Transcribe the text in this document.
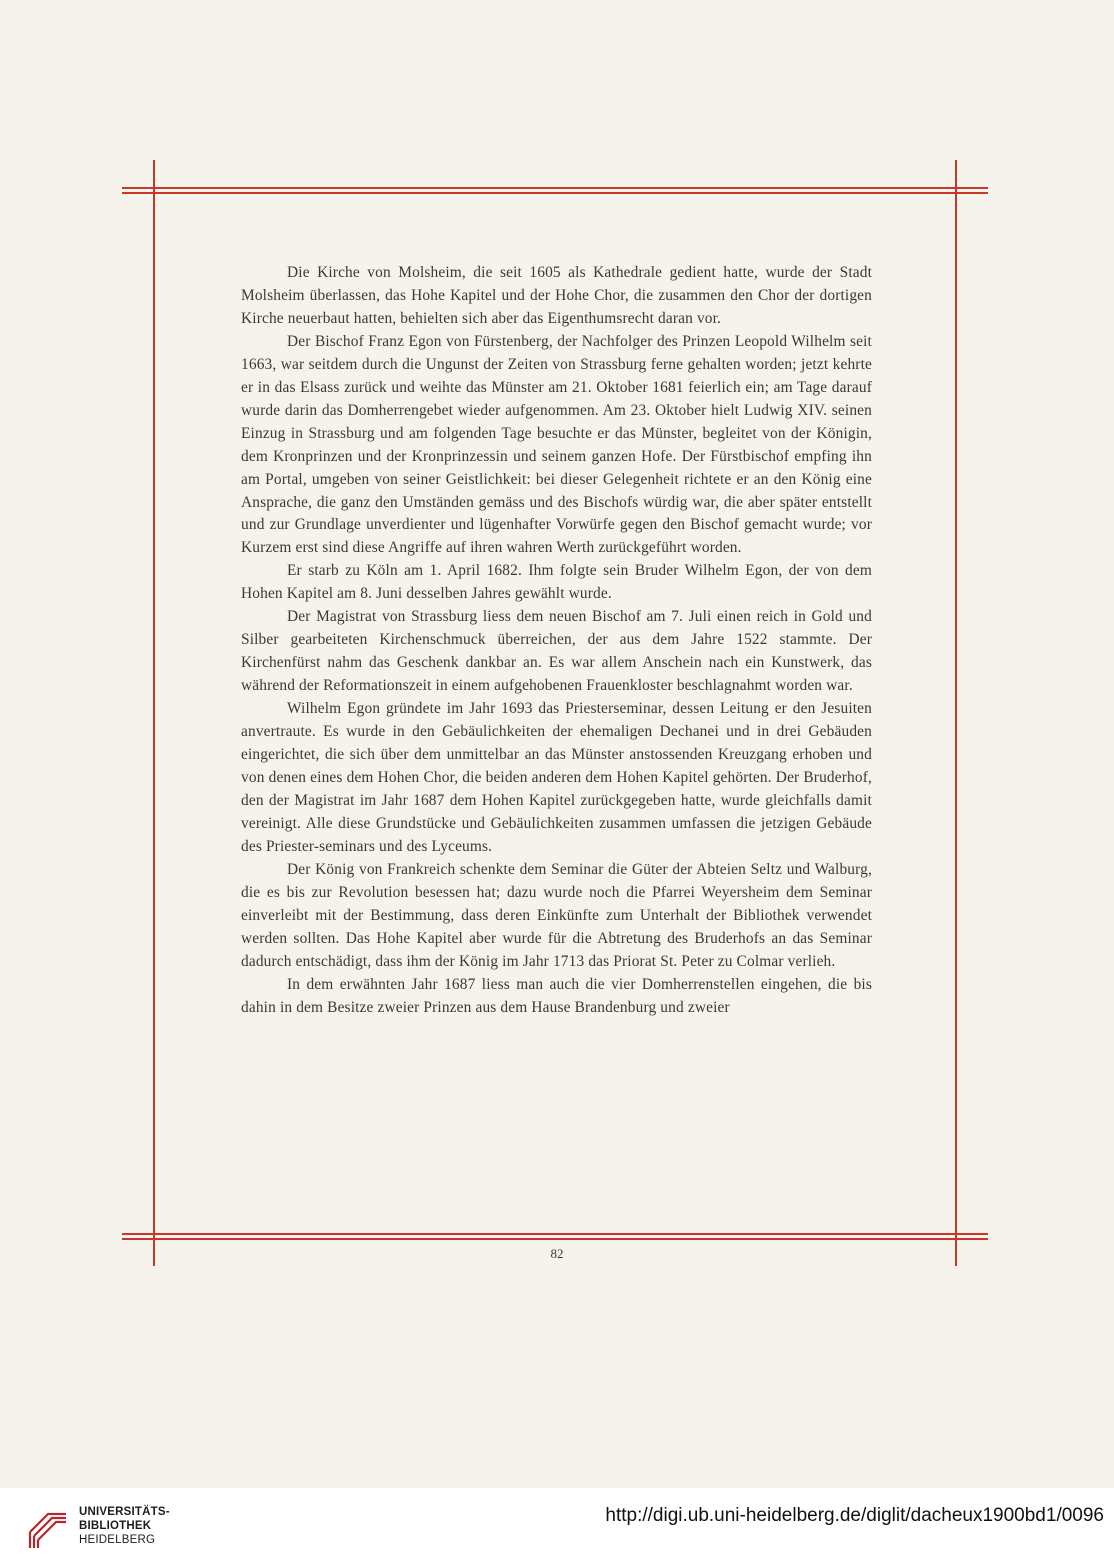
Die Kirche von Molsheim, die seit 1605 als Kathedrale gedient hatte, wurde der Stadt Molsheim überlassen, das Hohe Kapitel und der Hohe Chor, die zusammen den Chor der dortigen Kirche neuerbaut hatten, behielten sich aber das Eigenthumsrecht daran vor.

Der Bischof Franz Egon von Fürstenberg, der Nachfolger des Prinzen Leopold Wilhelm seit 1663, war seitdem durch die Ungunst der Zeiten von Strassburg ferne gehalten worden; jetzt kehrte er in das Elsass zurück und weihte das Münster am 21. Oktober 1681 feierlich ein; am Tage darauf wurde darin das Domherrengebet wieder aufgenommen. Am 23. Oktober hielt Ludwig XIV. seinen Einzug in Strassburg und am folgenden Tage besuchte er das Münster, begleitet von der Königin, dem Kronprinzen und der Kronprinzessin und seinem ganzen Hofe. Der Fürstbischof empfing ihn am Portal, umgeben von seiner Geistlichkeit: bei dieser Gelegenheit richtete er an den König eine Ansprache, die ganz den Umständen gemäss und des Bischofs würdig war, die aber später entstellt und zur Grundlage unverdienter und lügenhafter Vorwürfe gegen den Bischof gemacht wurde; vor Kurzem erst sind diese Angriffe auf ihren wahren Werth zurückgeführt worden.

Er starb zu Köln am 1. April 1682. Ihm folgte sein Bruder Wilhelm Egon, der von dem Hohen Kapitel am 8. Juni desselben Jahres gewählt wurde.

Der Magistrat von Strassburg liess dem neuen Bischof am 7. Juli einen reich in Gold und Silber gearbeiteten Kirchenschmuck überreichen, der aus dem Jahre 1522 stammte. Der Kirchenfürst nahm das Geschenk dankbar an. Es war allem Anschein nach ein Kunstwerk, das während der Reformationszeit in einem aufgehobenen Frauenkloster beschlagnahmt worden war.

Wilhelm Egon gründete im Jahr 1693 das Priesterseminar, dessen Leitung er den Jesuiten anvertraute. Es wurde in den Gebäulichkeiten der ehemaligen Dechanei und in drei Gebäuden eingerichtet, die sich über dem unmittelbar an das Münster anstossenden Kreuzgang erhoben und von denen eines dem Hohen Chor, die beiden anderen dem Hohen Kapitel gehörten. Der Bruderhof, den der Magistrat im Jahr 1687 dem Hohen Kapitel zurückgegeben hatte, wurde gleichfalls damit vereinigt. Alle diese Grundstücke und Gebäulichkeiten zusammen umfassen die jetzigen Gebäude des Priester-seminars und des Lyceums.

Der König von Frankreich schenkte dem Seminar die Güter der Abteien Seltz und Walburg, die es bis zur Revolution besessen hat; dazu wurde noch die Pfarrei Weyersheim dem Seminar einverleibt mit der Bestimmung, dass deren Einkünfte zum Unterhalt der Bibliothek verwendet werden sollten. Das Hohe Kapitel aber wurde für die Abtretung des Bruderhofs an das Seminar dadurch entschädigt, dass ihm der König im Jahr 1713 das Priorat St. Peter zu Colmar verlieh.

In dem erwähnten Jahr 1687 liess man auch die vier Domherrenstellen eingehen, die bis dahin in dem Besitze zweier Prinzen aus dem Hause Brandenburg und zweier

82
UNIVERSITÄTS-
BIBLIOTHEK
HEIDELBERG
http://digi.ub.uni-heidelberg.de/diglit/dacheux1900bd1/0096
